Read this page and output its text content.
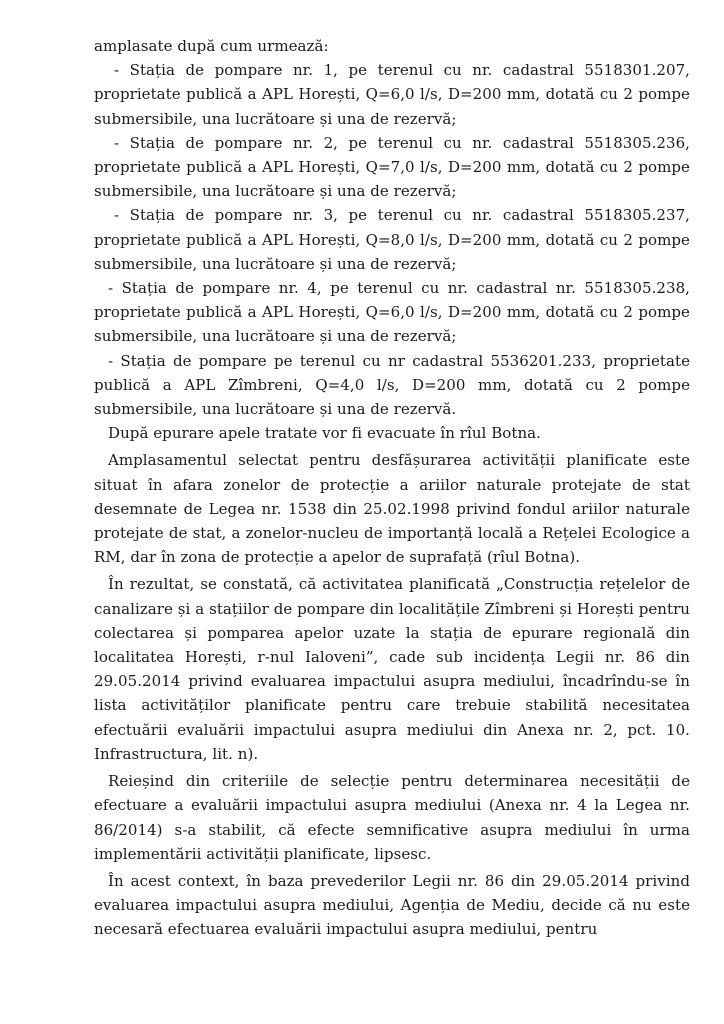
amplasate după cum urmează:

- Stația de pompare nr. 1, pe terenul cu nr. cadastral 5518301.207, proprietate publică a APL Horești, Q=6,0 l/s, D=200 mm, dotată cu 2 pompe submersibile, una lucrătoare și una de rezervă;

- Stația de pompare nr. 2, pe terenul cu nr. cadastral 5518305.236, proprietate publică a APL Horești, Q=7,0 l/s, D=200 mm, dotată cu 2 pompe submersibile, una lucrătoare și una de rezervă;

- Stația de pompare nr. 3, pe terenul cu nr. cadastral 5518305.237, proprietate publică a APL Horești, Q=8,0 l/s, D=200 mm, dotată cu 2 pompe submersibile, una lucrătoare și una de rezervă;

- Stația de pompare nr. 4, pe terenul cu nr. cadastral nr. 5518305.238, proprietate publică a APL Horești, Q=6,0 l/s, D=200 mm, dotată cu 2 pompe submersibile, una lucrătoare și una de rezervă;

- Stația de pompare pe terenul cu nr cadastral 5536201.233, proprietate publică a APL Zîmbreni, Q=4,0 l/s, D=200 mm, dotată cu 2 pompe submersibile, una lucrătoare și una de rezervă.

După epurare apele tratate vor fi evacuate în rîul Botna.

Amplasamentul selectat pentru desfășurarea activității planificate este situat în afara zonelor de protecție a ariilor naturale protejate de stat desemnate de Legea nr. 1538 din 25.02.1998 privind fondul ariilor naturale protejate de stat, a zonelor-nucleu de importanță locală a Rețelei Ecologice a RM, dar în zona de protecție a apelor de suprafață (rîul Botna).

În rezultat, se constată, că activitatea planificată „Construcția rețelelor de canalizare și a stațiilor de pompare din localitățile Zîmbreni și Horești pentru colectarea și pomparea apelor uzate la stația de epurare regională din localitatea Horești, r-nul Ialoveni”, cade sub incidența Legii nr. 86 din 29.05.2014 privind evaluarea impactului asupra mediului, încadrîndu-se în lista activităților planificate pentru care trebuie stabilită necesitatea efectuării evaluării impactului asupra mediului din Anexa nr. 2, pct. 10. Infrastructura, lit. n).

Reieșind din criteriile de selecție pentru determinarea necesității de efectuare a evaluării impactului asupra mediului (Anexa nr. 4 la Legea nr. 86/2014) s-a stabilit, că efecte semnificative asupra mediului în urma implementării activității planificate, lipsesc.

În acest context, în baza prevederilor Legii nr. 86 din 29.05.2014 privind evaluarea impactului asupra mediului, Agenția de Mediu, decide că nu este necesară efectuarea evaluării impactului asupra mediului, pentru
